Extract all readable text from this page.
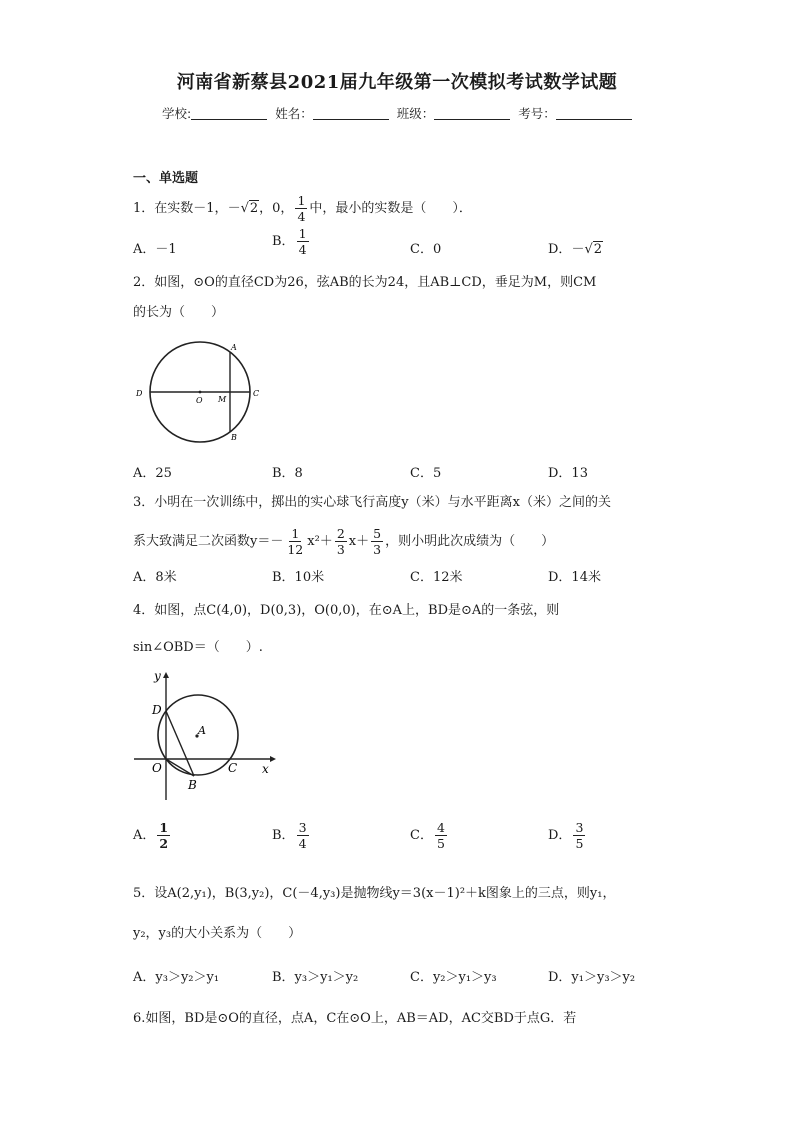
河南省新蔡县2021届九年级第一次模拟考试数学试题
学校:	姓名：	班级：	考号：
一、单选题
1．在实数－1，－√2，0， $\frac{1}{4}$ 中，最小的实数是（　　）．
A．－1
B． $\frac{1}{4}$	C．0	D．－√2
2．如图，⊙O的直径CD为26，弦AB的长为24，且AB⊥CD，垂足为M，则CM
的长为（　　）
A
B
C
D
O M
A．25	B．8	C．5	D．13
3．小明在一次训练中，掷出的实心球飞行高度y（米）与水平距离x（米）之间的关
系大致满足二次函数$y=- \frac{1}{12} x^2+ \frac{2}{3} x+ \frac{5}{3}$ ，则小明此次成绩为（　　）
A．8米	B．10米	C．12米	D．14米
4．如图，点C(4,0)，D(0,3)，O(0,0)，在⊙A上，BD是⊙A的一条弦，则
sin∠OBD＝（　　）.
y
x
D
A
O	C
B
A． $\frac{1}{2}$	B． $\frac{3}{4}$	C． $\frac{4}{5}$	D． $\frac{3}{5}$
5．设A(2,y₁)，B(3,y₂)，C(－4,y₃)是抛物线y＝3(x－1)²＋k图象上的三点，则y₁，
y₂，y₃的大小关系为（　　）
A．y₃＞y₂＞y₁	B．y₃＞y₁＞y₂	C．y₂＞y₁＞y₃	D．y₁＞y₃＞y₂
6.如图，BD是⊙O的直径，点A，C在⊙O上，AB＝AD，AC交BD于点G．若
